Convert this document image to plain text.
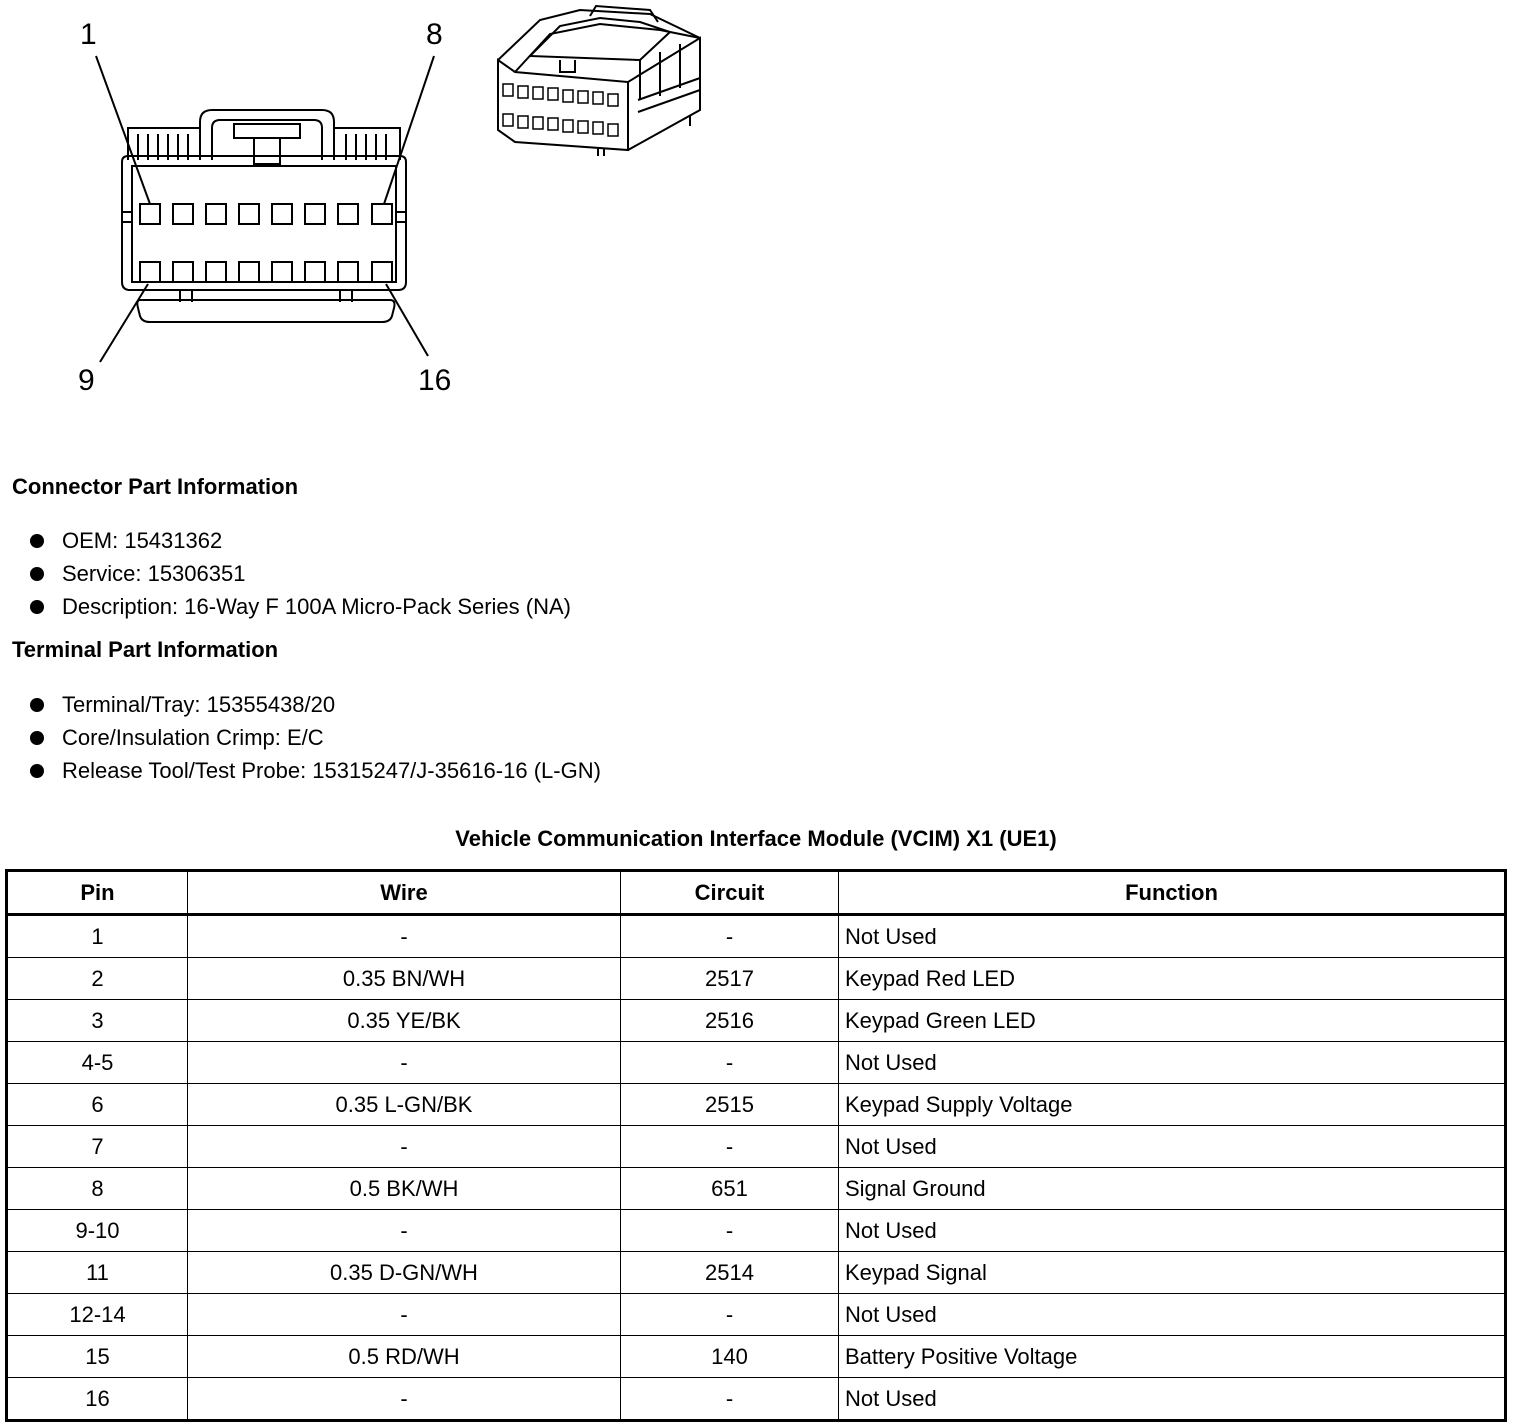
1	8
9	16
Connector Part Information
OEM: 15431362
Service: 15306351
Description: 16-Way F 100A Micro-Pack Series (NA)
Terminal Part Information
Terminal/Tray: 15355438/20
Core/Insulation Crimp: E/C
Release Tool/Test Probe: 15315247/J-35616-16 (L-GN)
Vehicle Communication Interface Module (VCIM) X1 (UE1)
Pin	Wire	Circuit	Function
1	-	-	Not Used
2	0.35 BN/WH	2517	Keypad Red LED
3	0.35 YE/BK	2516	Keypad Green LED
4-5	-	-	Not Used
6	0.35 L-GN/BK	2515	Keypad Supply Voltage
7	-	-	Not Used
8	0.5 BK/WH	651	Signal Ground
9-10	-	-	Not Used
11	0.35 D-GN/WH	2514	Keypad Signal
12-14	-	-	Not Used
15	0.5 RD/WH	140	Battery Positive Voltage
16	-	-	Not Used
